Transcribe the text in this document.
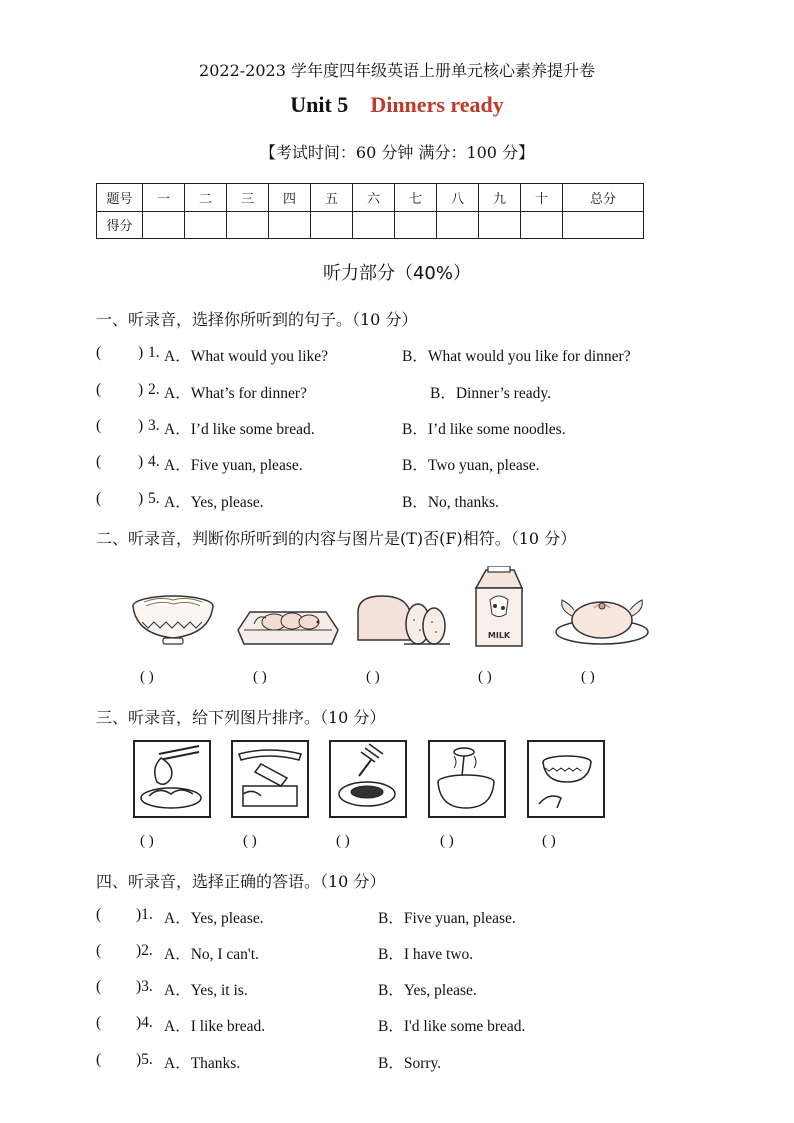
2022-2023 学年度四年级英语上册单元核心素养提升卷
Unit 5 Dinners ready
【考试时间：60 分钟 满分：100 分】
题号	一	二	三	四	五	六	七	八	九	十	总分
得分											
听力部分（40%）
一、听录音，选择你所听到的句子。（10 分）
( ) 1. A．What would you like?	B．What would you like for dinner?
( ) 2. A．What’s for dinner?	B．Dinner’s ready.
( ) 3. A．I’d like some bread.	B．I’d like some noodles.
( ) 4. A．Five yuan, please.	B．Two yuan, please.
( ) 5. A．Yes, please.	B．No, thanks.
二、听录音，判断你所听到的内容与图片是(T)否(F)相符。（10 分）
MILK
( )	( )	( )	( )	( )
三、听录音，给下列图片排序。（10 分）
( )	( )	( )	( )	( )
四、听录音，选择正确的答语。（10 分）
( )1. A．Yes, please.	B．Five yuan, please.
( )2. A．No, I can't.	B．I have two.
( )3. A．Yes, it is.	B．Yes, please.
( )4. A．I like bread.	B．I'd like some bread.
( )5. A．Thanks.	B．Sorry.
